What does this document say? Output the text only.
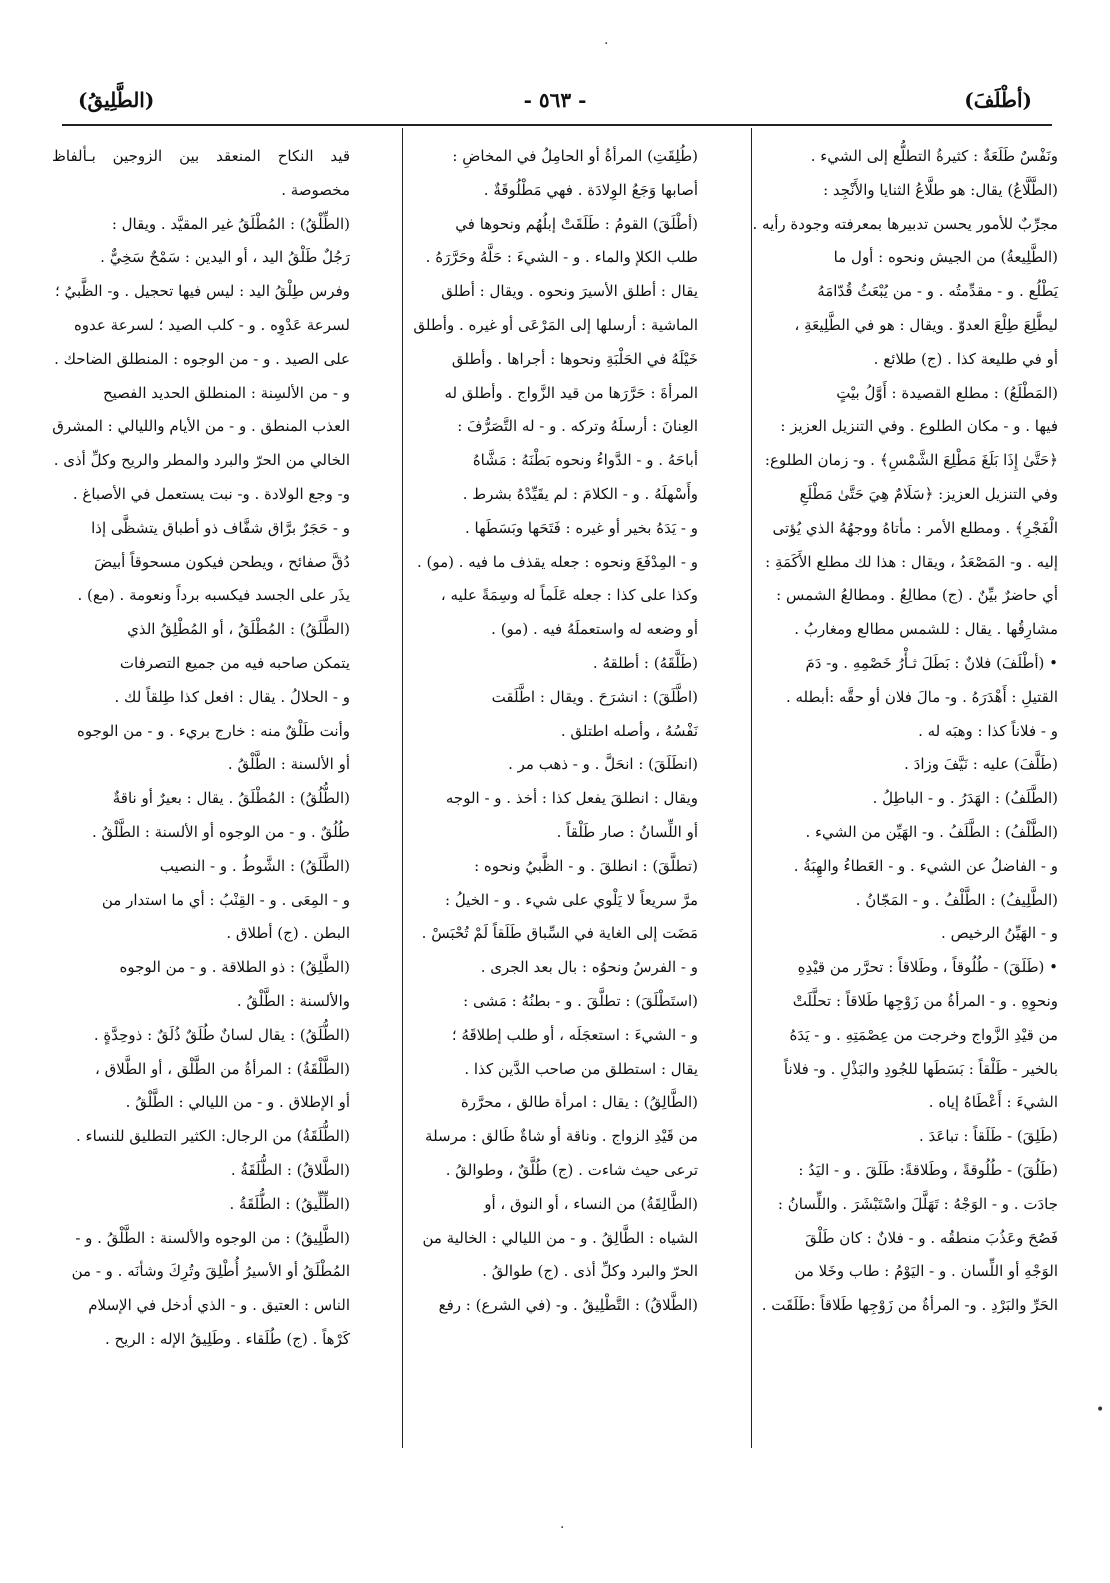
(أطْلَفَ)
- ٥٦٣ -
(الطَّلِيقُ)

ونَفْسٌ طَلَعَةٌ : كثيرةُ التطلُّع إلى الشيء .

(الطَّلَّاعُ) يقال: هو طلَّاعُ الثنايا والأَنْجِد :

مجرِّبٌ للأمور يحسن تدبيرها بمعرفته وجودة رأيه .

(الطَّلِيعةُ) من الجيش ونحوه : أول ما

يَطْلُع . و - مقدِّمتُه . و - من يُبْعَثُ قُدّامَهُ

ليطَّلِعَ طِلْعَ العدوّ . ويقال : هو في الطَّلِيعَةِ ،

أو في طليعة كذا . (ج) طلائع .

(المَطْلَعُ) : مطلع القصيدة : أَوَّلُ بيْتٍ

فيها . و - مكان الطلوع . وفي التنزيل العزيز :

﴿حَتَّىٰ إِذَا بَلَغَ مَطْلِعَ الشَّمْسِ﴾ . و- زمان الطلوع:

وفي التنزيل العزيز: ﴿سَلَامٌ هِيَ حَتَّىٰ مَطْلَعِ

الْفَجْرِ﴾ . ومطلع الأمر : مأتاهُ ووجهُهُ الذي يُؤتى

إليه . و- المَصْعَدُ ، ويقال : هذا لك مطلع الأَكَمَةِ :

أي حاضرٌ بيِّنٌ . (ج) مطالِعُ . ومطالعُ الشمس :

مشارِقُها . يقال : للشمس مطالع ومغاربُ .

• (أطْلَفَ) فلانٌ : بَطَلَ ثـأْرُ خَصْمِهِ . و- دَمَ

القتيلِ : أَهْدَرَهُ . و- مالَ فلان أو حقَّه :أبطله .

و - فلاناً كذا : وهبَه له .

(طَلَّفَ) عليه : نَيَّفَ وزادَ .

(الطَّلَفُ) : الهَدَرُ . و - الباطِلُ .

(الطَّلْفُ) : الطَّلَفُ . و- الهَيِّن من الشيء .

و - الفاضلُ عن الشيء . و - العَطاءُ والهِبَةُ .

(الطَّلِيفُ) : الطَّلْفُ . و - المَجّانُ .

و - الهَيِّنُ الرخيص .

• (طَلَقَ) - طُلُوقاً ، وطَلاقاً : تحرَّر من قيْدِهِ

ونحوِهِ . و - المرأةُ من زَوْجِها طَلاقاً : تحلَّلَتْ

من قيْدِ الزَّواج وخرجت من عِصْمَتِهِ . و - يَدَهُ

بالخير - طَلْقاً : بَسَطَها للجُودِ والبَذْلِ . و- فلاناً

الشيءَ : أَعْطَاهُ إياه .

(طَلِقَ) - طَلَقاً : تباعَدَ .

(طَلُقَ) - طُلُوقةً ، وطَلاقةً: طَلَقَ . و - اليَدُ :

جادَت . و - الوَجْهُ : تَهَلَّلَ واسْتَبْشَرَ . واللِّسانُ :

فَصُحَ وعَذُبَ منطقُه . و - فلانٌ : كان طَلْقَ

الوَجْهِ أو اللِّسان . و - اليَوْمُ : طاب وخَلا من

الحَرِّ والبَرْدِ . و- المرأةُ من زَوْجِها طَلاقاً :طَلَقَت .

(طُلِقَتِ) المرأةُ أو الحامِلُ في المخاضِ :

أصابها وَجَعُ الوِلادَة . فهي مَطْلُوقَةٌ .

(أطْلَقَ) القومُ : طَلَقَتْ إبلُهُم ونحوها في

طلب الكلإ والماء . و - الشيءَ : حَلَّهُ وحَرَّرَهُ .

يقال : أطلق الأسيرَ ونحوه . ويقال : أطلق

الماشية : أرسلها إلى المَرْعَى أو غيره . وأطلق

خَيْلَهُ في الحَلْبَةِ ونحوها : أجراها . وأطلق

المرأةَ : حَرَّرَها من قيد الزَّواج . وأطلق له

العِنانَ : أرسلَهُ وتركه . و - له التَّصَرُّفَ :

أباحَهُ . و - الدَّواءُ ونحوه بَطْنَهُ : مَشَّاهُ

وأَسْهلَهُ . و - الكلامَ : لم يقَيِّدْهُ بشرط .

و - يَدَهُ بخير أو غيره : فَتَحَها وبَسَطَها .

و - المِدْفَعَ ونحوه : جعله يقذف ما فيه . (مو) .

وكذا على كذا : جعله عَلَماً له وسِمَةً عليه ،

أو وضعه له واستعملَهُ فيه . (مو) .

(طَلَّقَهُ) : أطلقهُ .

(اطَّلَقَ) : انشرَحَ . ويقال : اطَّلَقت

نَفْسُهُ ، وأصله اطتلق .

(انطَلَقَ) : انحَلَّ . و - ذهب مر .

ويقال : انطلقَ يفعل كذا : أخذ . و - الوجه

أو اللِّسانُ : صار طَلْقاً .

(تطلَّقَ) : انطلقَ . و - الظَّبيُ ونحوه :

مرَّ سريعاً لا يَلْوي على شيء . و - الخيلُ :

مَضَت إلى الغاية في السِّباق طَلَقاً لَمْ تُحْبَسْ .

و - الفرسُ ونحوُه : بال بعد الجرى .

(استَطْلَقَ) : تطلَّقَ . و - بطنُهُ : مَشى :

و - الشيءَ : استعجَلَه ، أو طلب إطلاقَهُ ؛

يقال : استطلق من صاحب الدَّين كذا .

(الطَّالِقُ) : يقال : امرأة طالق ، محرَّرة

من قَيْدِ الزواج . وناقة أو شاةٌ طَالق : مرسلة

ترعى حيث شاءت . (ج) طُلَّقٌ ، وطوالقُ .

(الطَّالِقَةُ) من النساء ، أو النوق ، أو

الشياه : الطَّالِقُ . و - من الليالي : الخالية من

الحرّ والبرد وكلِّ أذى . (ج) طوالقُ .

(الطَّلاقُ) : التَّطْلِيقُ . و- (في الشرع) : رفع

قيد النكاح المنعقد بين الزوجين بـألفاظ مخصوصة .

(الطِّلْقُ) : المُطْلَقُ غير المقيَّد . ويقال :

رَجُلٌ طَلْقُ اليد ، أو اليدين : سَمْحٌ سَخِيٌّ .

وفرس طِلْقُ اليد : ليس فيها تحجيل . و- الظَّبيُ ؛

لسرعة عَدْوِه . و - كلب الصيد ؛ لسرعة عدوه

على الصيد . و - من الوجوه : المنطلق الضاحك .

و - من الألسِنة : المنطلق الحديد الفصيح

العذب المنطق . و - من الأيام والليالي : المشرق

الخالي من الحرّ والبرد والمطر والريح وكلِّ أذى .

و- وجع الولادة . و- نبت يستعمل في الأصباغ .

و - حَجَرٌ برَّاق شفَّاف ذو أطباق يتشظَّى إذا

دُقَّ صفائح ، ويطحن فيكون مسحوقاً أبيضَ

يذَر على الجسد فيكسبه برداً ونعومة . (مع) .

(الطَّلَقُ) : المُطْلَقُ ، أو المُطْلِقُ الذي

يتمكن صاحبه فيه من جميع التصرفات

و - الحلالُ . يقال : افعل كذا طِلقاً لك .

وأنت طَلْقٌ منه : خارج بريء . و - من الوجوه

أو الألسنة : الطَّلْقُ .

(الطُّلُقُ) : المُطْلَقُ . يقال : بعيرٌ أو ناقةٌ

طُلُقٌ . و - من الوجوه أو الألسنة : الطَّلْقُ .

(الطَّلَقُ) : الشَّوطُ . و - النصيب

و - المِعَى . و - القِنْبُ : أي ما استدار من

البطن . (ج) أطلاق .

(الطَّلِقُ) : ذو الطلاقة . و - من الوجوه

والألسنة : الطَّلْقُ .

(الطُّلَقُ) : يقال لسانٌ طُلَقٌ ذُلَقٌ : ذوحِدَّةٍ .

(الطَّلْقَةُ) : المرأةُ من الطَّلْق ، أو الطَّلاق ،

أو الإطلاق . و - من الليالي : الطَّلْقُ .

(الطُّلَقَةُ) من الرجال: الكثير التطليق للنساء .

(الطَّلاقُ) : الطُّلَقَةُ .

(الطِّلِّيقُ) : الطُّلَقَةُ .

(الطَّلِيقُ) : من الوجوه والألسنة : الطَّلْقُ . و -

المُطْلَقُ أو الأسيرُ أُطْلِقَ وتُرِكَ وشأنَه . و - من

الناس : العتيق . و - الذي أدخل في الإسلام

كَرْهاً . (ج) طُلَقاء . وطَلِيقُ الإله : الريح .

·
•
·
